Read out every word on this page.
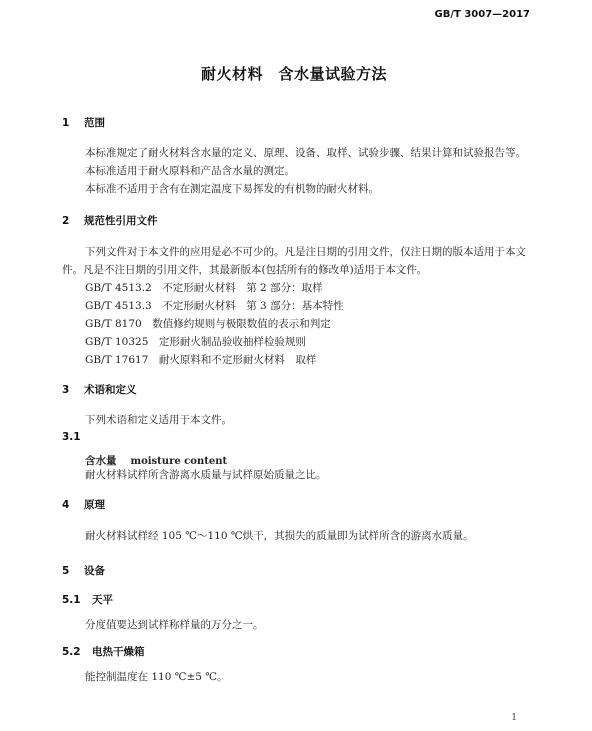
GB/T 3007—2017
耐火材料　含水量试验方法
1 范围
本标准规定了耐火材料含水量的定义、原理、设备、取样、试验步骤、结果计算和试验报告等。
本标准适用于耐火原料和产品含水量的测定。
本标准不适用于含有在测定温度下易挥发的有机物的耐火材料。
2 规范性引用文件
下列文件对于本文件的应用是必不可少的。凡是注日期的引用文件，仅注日期的版本适用于本文
件。凡是不注日期的引用文件，其最新版本(包括所有的修改单)适用于本文件。
GB/T 4513.2　不定形耐火材料　第 2 部分：取样
GB/T 4513.3　不定形耐火材料　第 3 部分：基本特性
GB/T 8170　数值修约规则与极限数值的表示和判定
GB/T 10325　定形耐火制品验收抽样检验规则
GB/T 17617　耐火原料和不定形耐火材料　取样
3 术语和定义
下列术语和定义适用于本文件。
3.1
含水量 moisture content
耐火材料试样所含游离水质量与试样原始质量之比。
4 原理
耐火材料试样经 105 ℃～110 ℃烘干，其损失的质量即为试样所含的游离水质量。
5 设备
5.1 天平
分度值要达到试样称样量的万分之一。
5.2 电热干燥箱
能控制温度在 110 ℃±5 ℃。
1
